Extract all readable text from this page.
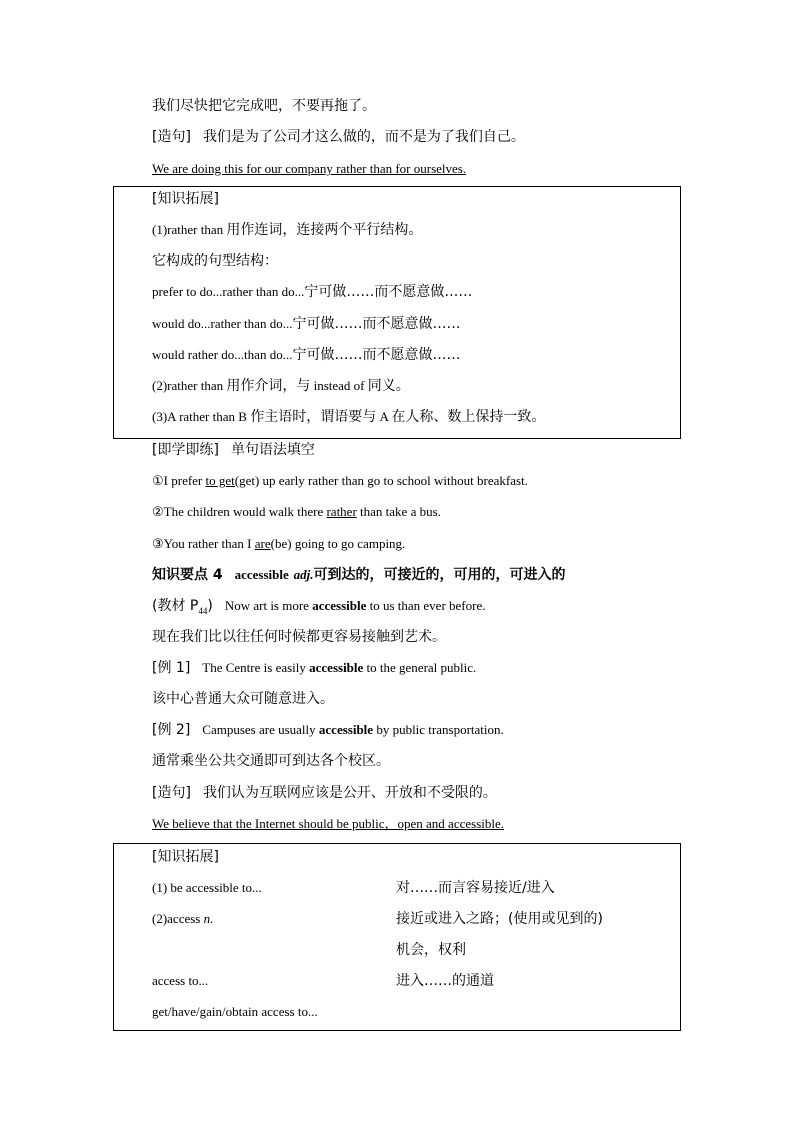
我们尽快把它完成吧，不要再拖了。
[造句] 我们是为了公司才这么做的，而不是为了我们自己。
We are doing this for our company rather than for ourselves.
[知识拓展]
(1)rather than 用作连词，连接两个平行结构。
它构成的句型结构：
prefer to do...rather than do...宁可做……而不愿意做……
would do...rather than do...宁可做……而不愿意做……
would rather do...than do...宁可做……而不愿意做……
(2)rather than 用作介词，与 instead of 同义。
(3)A rather than B 作主语时，谓语要与 A 在人称、数上保持一致。
[即学即练] 单句语法填空
①I prefer to get(get) up early rather than go to school without breakfast.
②The children would walk there rather than take a bus.
③You rather than I are(be) going to go camping.
知识要点 4 accessible adj.可到达的，可接近的，可用的，可进入的
(教材 $P_{44}$) Now art is more accessible to us than ever before.
现在我们比以往任何时候都更容易接触到艺术。
[例 1] The Centre is easily accessible to the general public.
该中心普通大众可随意进入。
[例 2] Campuses are usually accessible by public transportation.
通常乘坐公共交通即可到达各个校区。
[造句] 我们认为互联网应该是公开、开放和不受限的。
We believe that the Internet should be public，open and accessible.
[知识拓展]
(1) be accessible to...	对……而言容易接近/进入
(2)access n.	接近或进入之路；(使用或见到的)
机会，权利
access to...	进入……的通道
get/have/gain/obtain access to...
